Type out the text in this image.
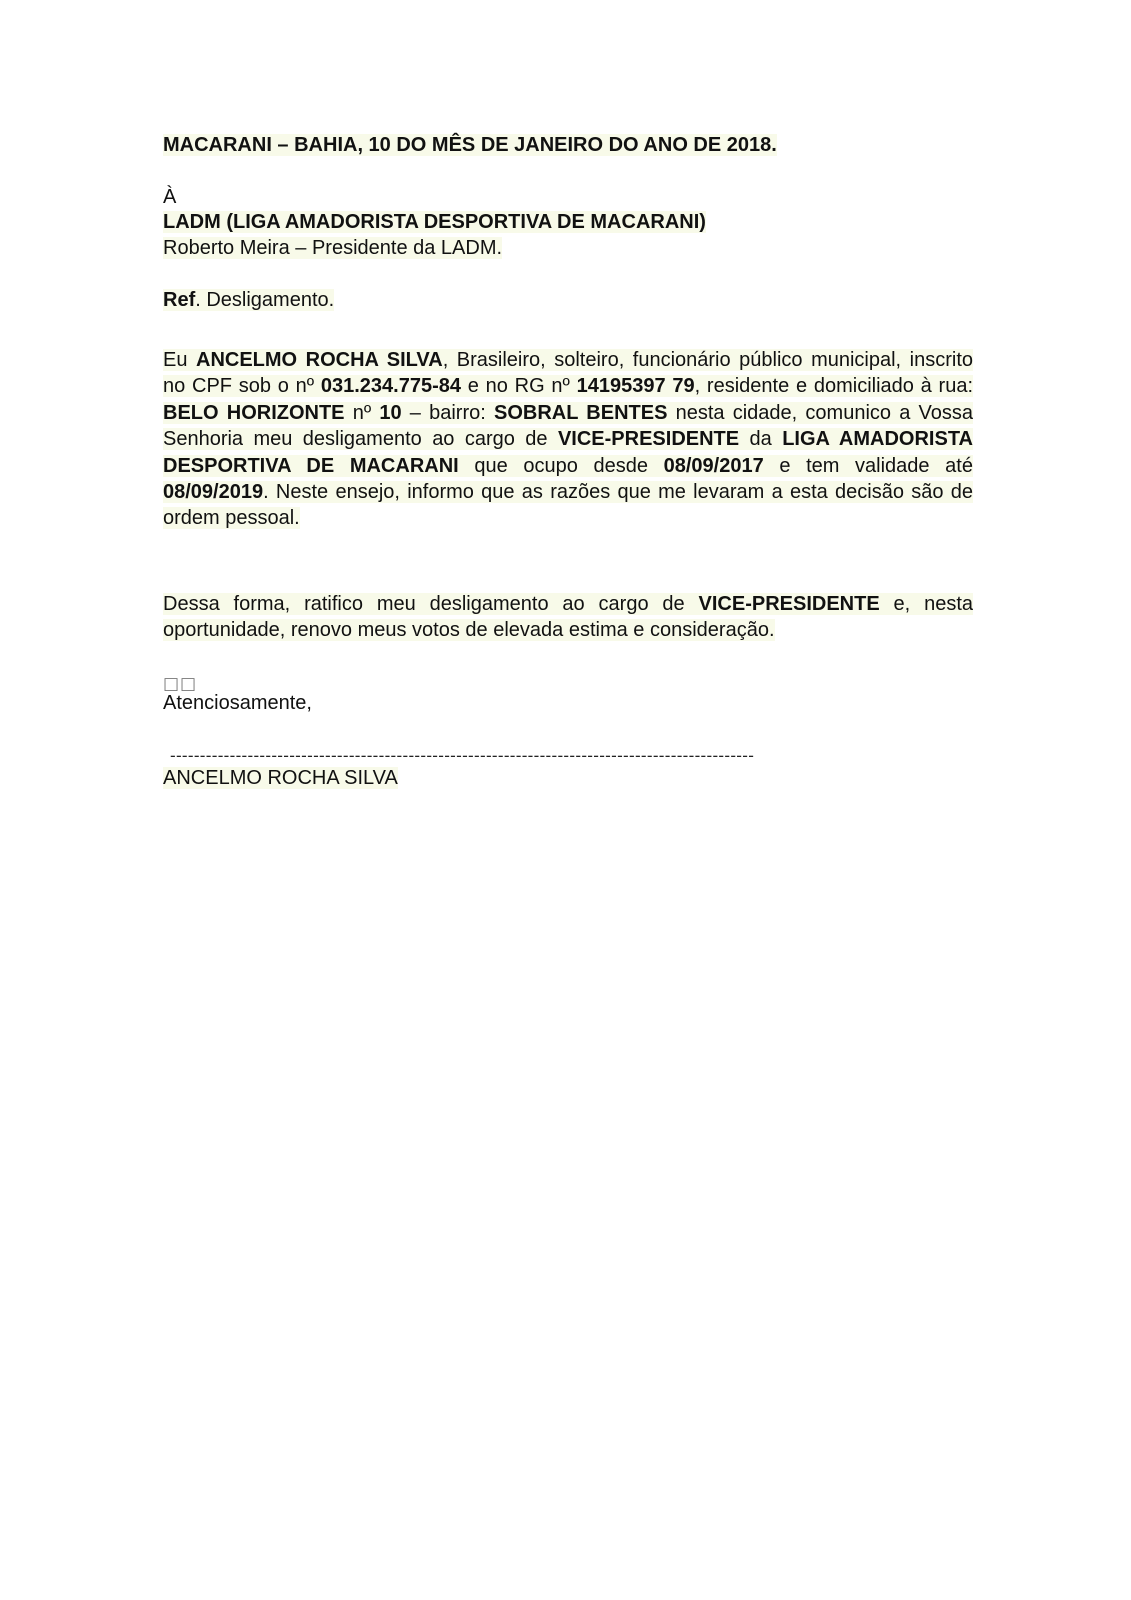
MACARANI – BAHIA, 10 DO MÊS DE JANEIRO DO ANO DE 2018.
À
LADM (LIGA AMADORISTA DESPORTIVA DE MACARANI)
Roberto Meira – Presidente da LADM.
Ref. Desligamento.
Eu ANCELMO ROCHA SILVA, Brasileiro, solteiro, funcionário público municipal, inscrito no CPF sob o nº 031.234.775-84 e no RG nº 14195397 79, residente e domiciliado à rua: BELO HORIZONTE nº 10 – bairro: SOBRAL BENTES nesta cidade, comunico a Vossa Senhoria meu desligamento ao cargo de VICE-PRESIDENTE da LIGA AMADORISTA DESPORTIVA DE MACARANI que ocupo desde 08/09/2017 e tem validade até 08/09/2019. Neste ensejo, informo que as razões que me levaram a esta decisão são de ordem pessoal.
Dessa forma, ratifico meu desligamento ao cargo de VICE-PRESIDENTE e, nesta oportunidade, renovo meus votos de elevada estima e consideração.
□□
Atenciosamente,
--------------------------------------------------------------------------------------------------
ANCELMO ROCHA SILVA
